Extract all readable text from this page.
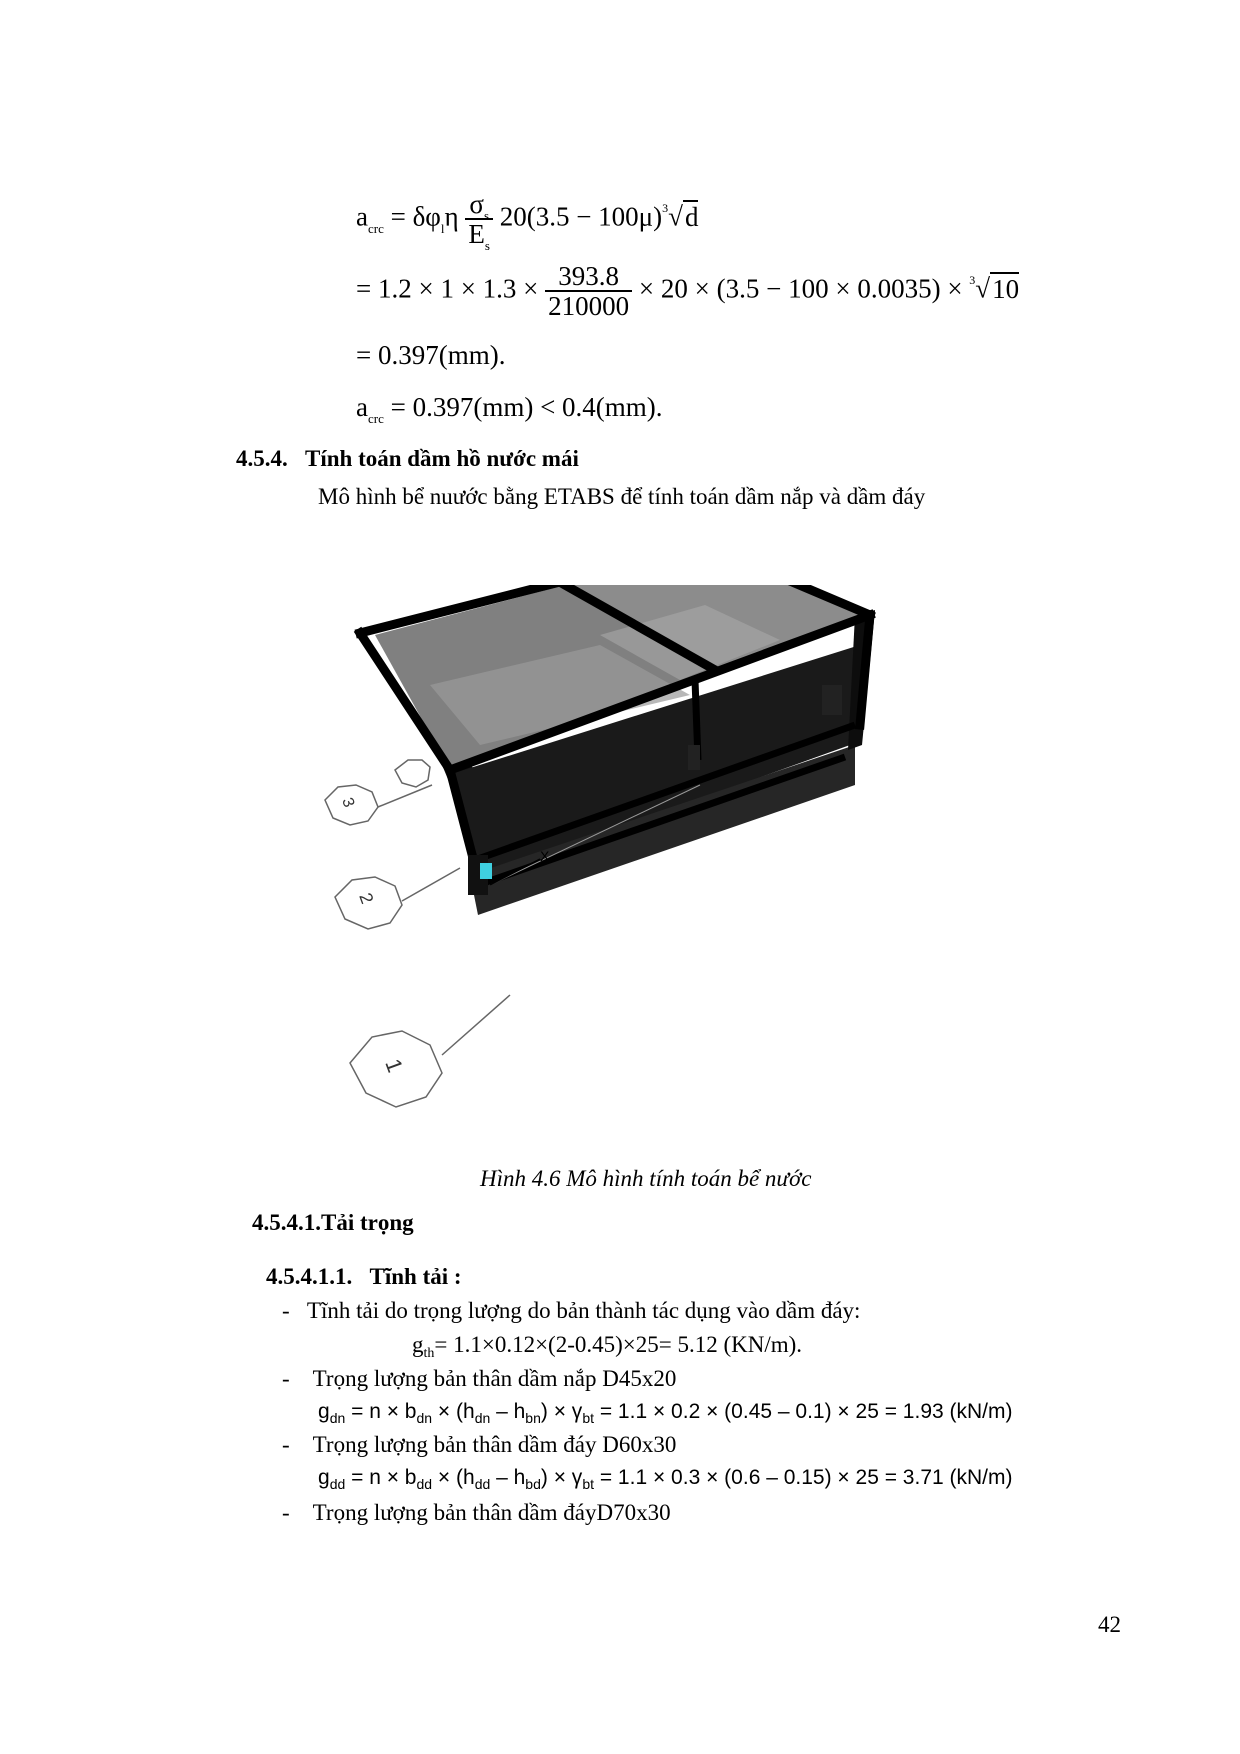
$a_{crc} = \delta\varphi_l\eta \frac{\sigma_s}{E_s} 20(3.5 - 100\mu)^3√d$
= $1.2 \times 1 \times 1.3 \times \frac{393.8}{210000} \times 20 \times (3.5 - 100 \times 0.0035) \times ^3√10$
= 0.397(mm).
$a_{crc} = 0.397(mm) < 0.4(mm)$.
4.5.4. Tính toán dầm hồ nước mái
Mô hình bể nuước bằng ETABS để tính toán dầm nắp và dầm đáy
3
2
1
X
Hình 4.6 Mô hình tính toán bể nước
4.5.4.1.Tải trọng
4.5.4.1.1. Tĩnh tải :
- Tĩnh tải do trọng lượng do bản thành tác dụng vào dầm đáy:
$g_{th}= 1.1\times 0.12\times(2-0.45)\times 25= 5.12$ (KN/m).
- Trọng lượng bản thân dầm nắp D45x20
$g_{dn} = n \times b_{dn} \times (h_{dn} - h_{bn}) \times \gamma_{bt} = 1.1 \times 0.2 \times (0.45 - 0.1) \times 25 = 1.93$ (kN/m)
- Trọng lượng bản thân dầm đáy D60x30
$g_{dd} = n \times b_{dd} \times (h_{dd} - h_{bd}) \times \gamma_{bt} = 1.1 \times 0.3 \times (0.6 - 0.15) \times 25 = 3.71$ (kN/m)
- Trọng lượng bản thân dầm đáyD70x30
42
